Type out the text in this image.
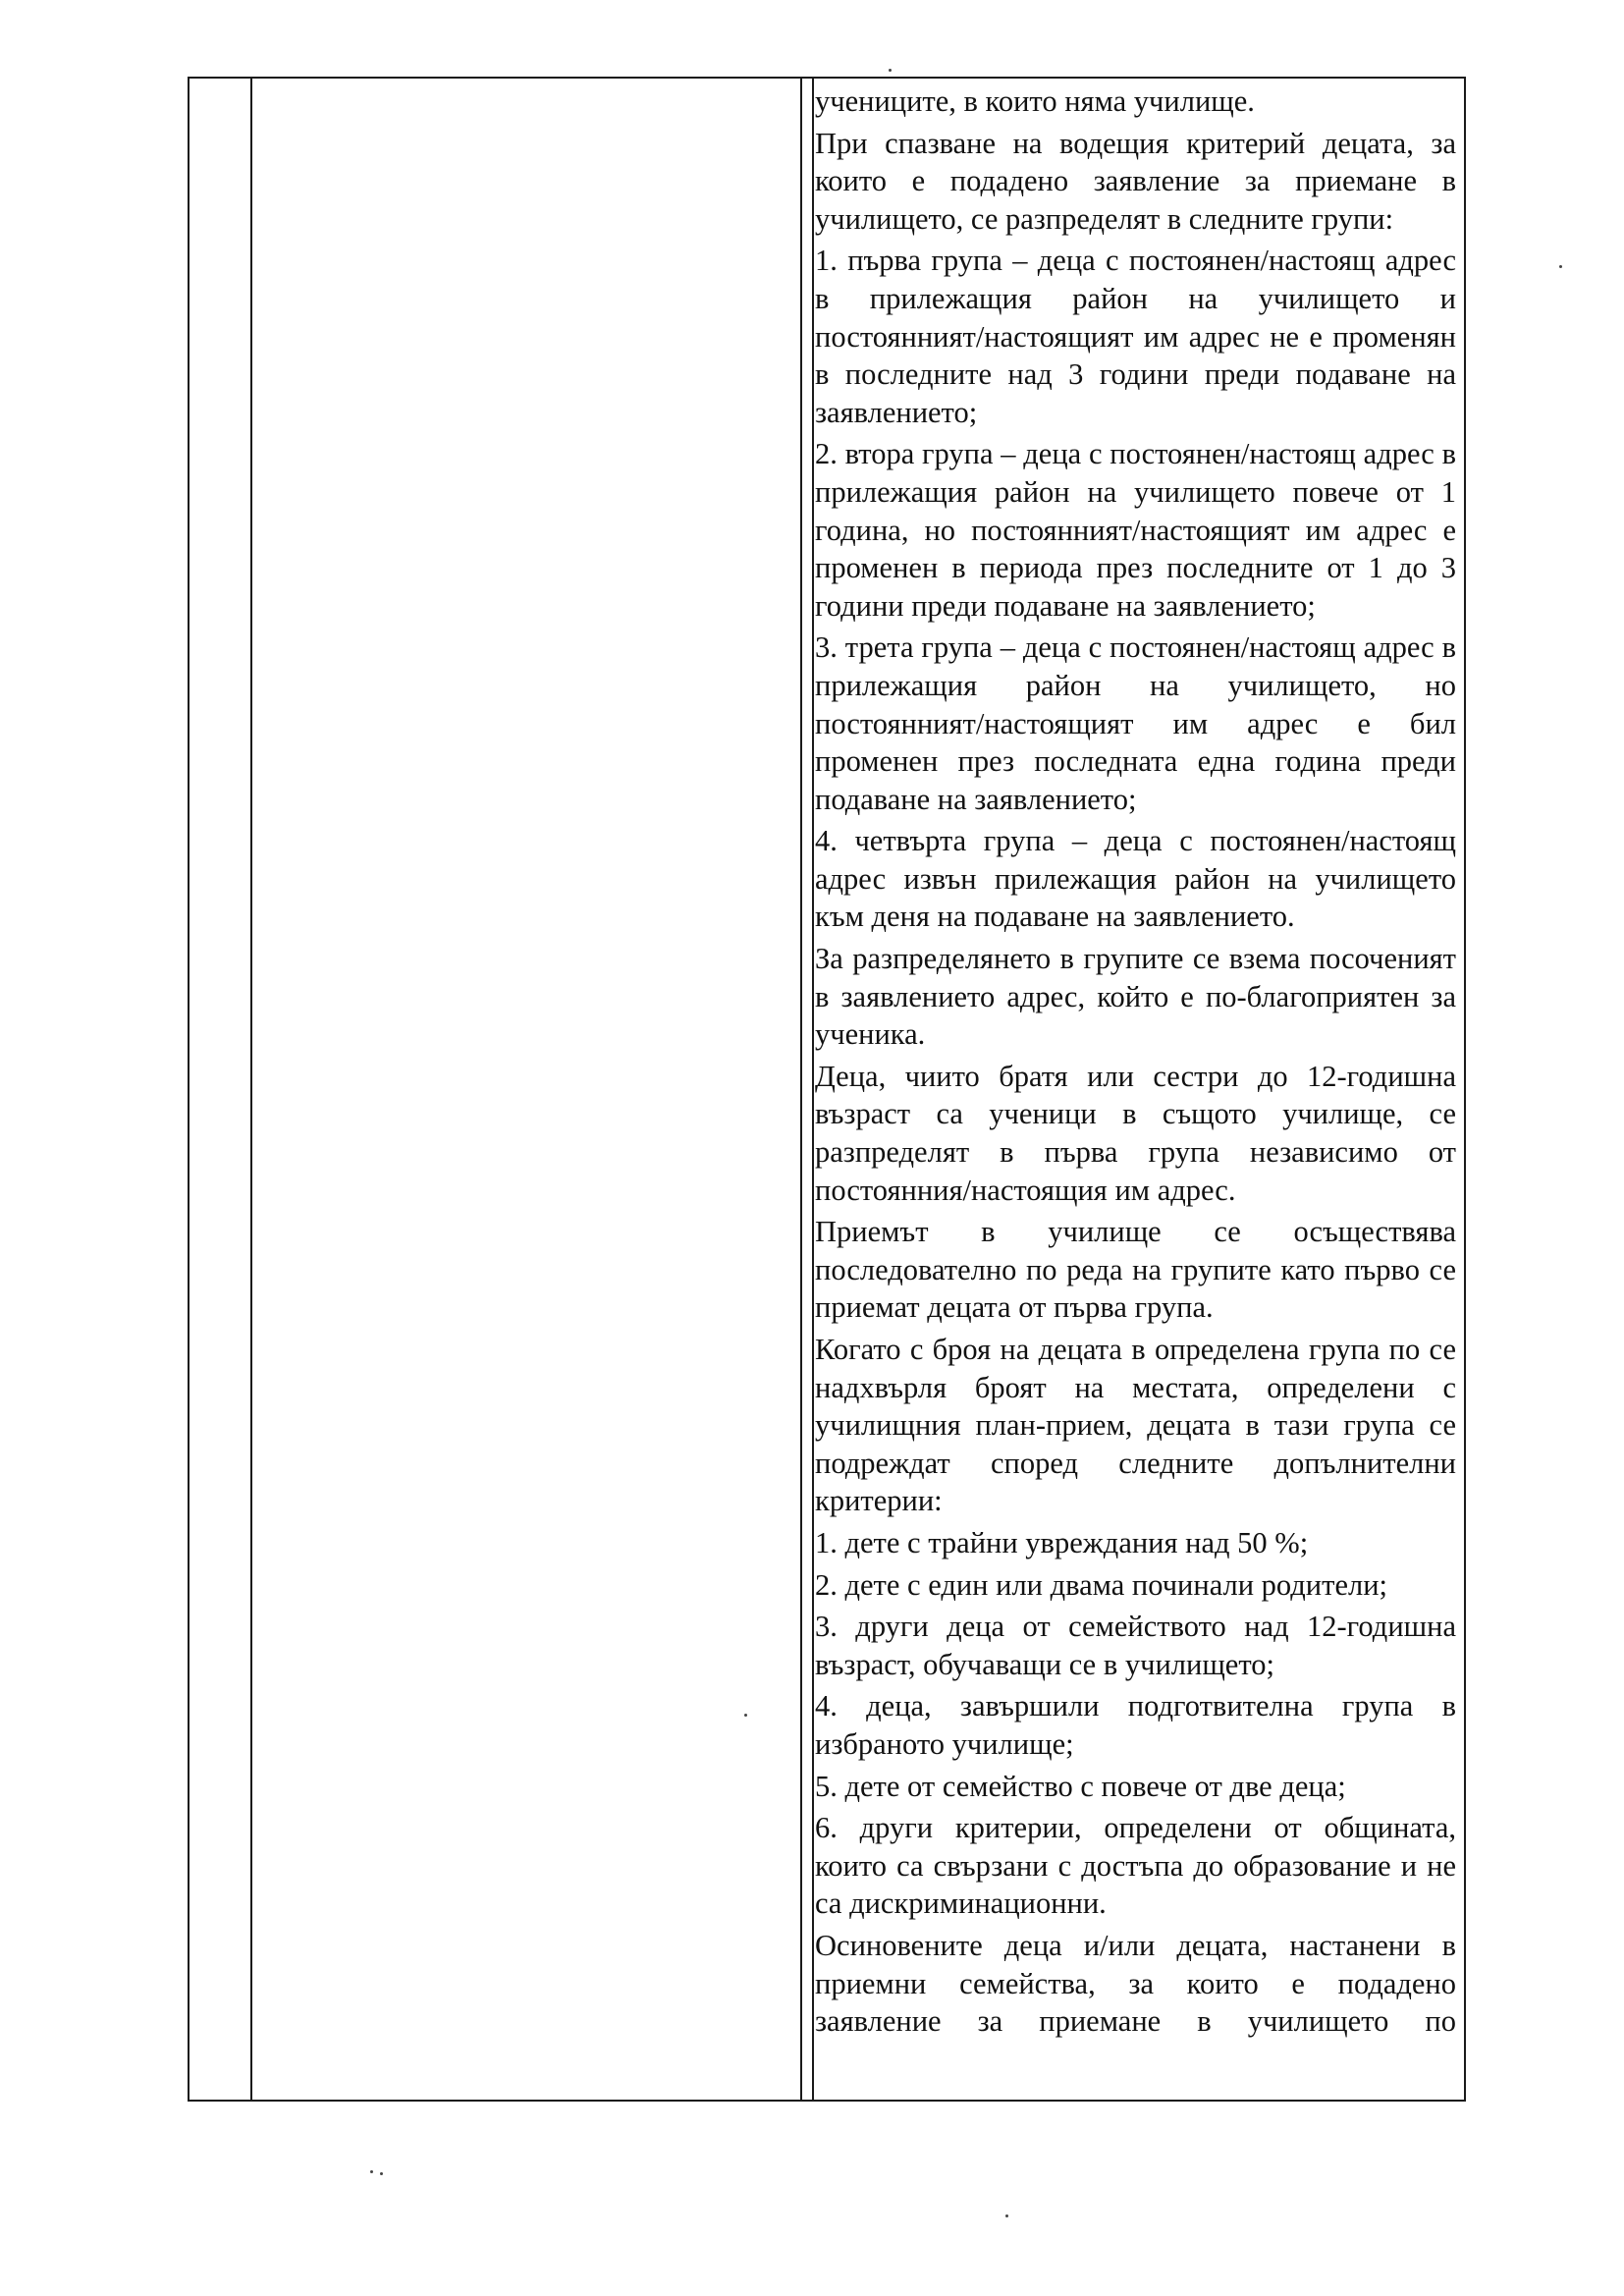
учениците, в които няма училище.

При спазване на водещия критерий децата, за които е подадено заявление за приемане в училището, се разпределят в следните групи:

1. първа група – деца с постоянен/настоящ адрес в прилежащия район на училището и постоянният/настоящият им адрес не е променян в последните над 3 години преди подаване на заявлението;

2. втора група – деца с постоянен/настоящ адрес в прилежащия район на училището повече от 1 година, но постоянният/настоящият им адрес е променен в периода през последните от 1 до 3 години преди подаване на заявлението;

3. трета група – деца с постоянен/настоящ адрес в прилежащия район на училището, но постоянният/настоящият им адрес е бил променен през последната една година преди подаване на заявлението;

4. четвърта група – деца с постоянен/настоящ адрес извън прилежащия район на училището към деня на подаване на заявлението.

За разпределянето в групите се взема посоченият в заявлението адрес, който е по-благоприятен за ученика.

Деца, чиито братя или сестри до 12-годишна възраст са ученици в същото училище, се разпределят в първа група независимо от постоянния/настоящия им адрес.

Приемът в училище се осъществява последователно по реда на групите като първо се приемат децата от първа група.

Когато с броя на децата в определена група по се надхвърля броят на местата, определени с училищния план-прием, децата в тази група се подреждат според следните допълнителни критерии:

1. дете с трайни увреждания над 50 %;

2. дете с един или двама починали родители;

3. други деца от семейството над 12-годишна възраст, обучаващи се в училището;

4. деца, завършили подготвителна група в избраното училище;

5. дете от семейство с повече от две деца;

6. други критерии, определени от общината, които са свързани с достъпа до образование и не са дискриминационни.

Осиновените деца и/или децата, настанени в приемни семейства, за които е подадено заявление за приемане в училището по
